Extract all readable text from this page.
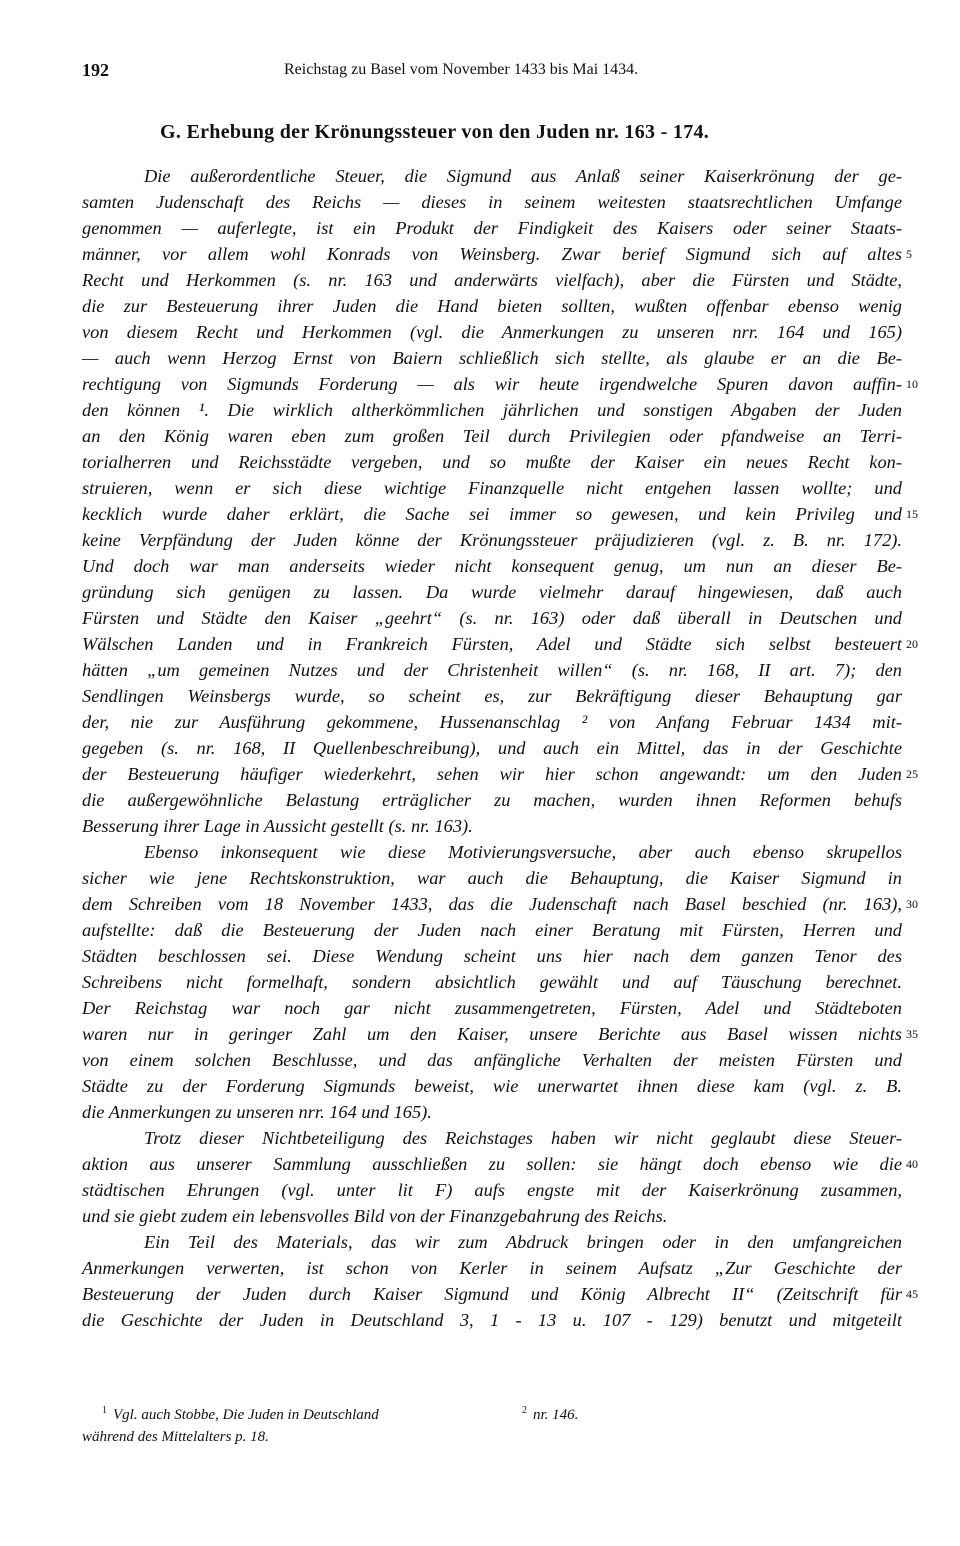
192	Reichstag zu Basel vom November 1433 bis Mai 1434.
G. Erhebung der Krönungssteuer von den Juden nr. 163 - 174.
Die außerordentliche Steuer, die Sigmund aus Anlaß seiner Kaiserkrönung der ge-
samten Judenschaft des Reichs — dieses in seinem weitesten staatsrechtlichen Umfange
genommen — auferlegte, ist ein Produkt der Findigkeit des Kaisers oder seiner Staats-
männer, vor allem wohl Konrads von Weinsberg. Zwar berief Sigmund sich auf altes
Recht und Herkommen (s. nr. 163 und anderwärts vielfach), aber die Fürsten und Städte,
die zur Besteuerung ihrer Juden die Hand bieten sollten, wußten offenbar ebenso wenig
von diesem Recht und Herkommen (vgl. die Anmerkungen zu unseren nrr. 164 und 165)
— auch wenn Herzog Ernst von Baiern schließlich sich stellte, als glaube er an die Be-
rechtigung von Sigmunds Forderung — als wir heute irgendwelche Spuren davon auffin-
den können ¹. Die wirklich altherkömmlichen jährlichen und sonstigen Abgaben der Juden
an den König waren eben zum großen Teil durch Privilegien oder pfandweise an Terri-
torialherren und Reichsstädte vergeben, und so mußte der Kaiser ein neues Recht kon-
struieren, wenn er sich diese wichtige Finanzquelle nicht entgehen lassen wollte; und
kecklich wurde daher erklärt, die Sache sei immer so gewesen, und kein Privileg und
keine Verpfändung der Juden könne der Krönungssteuer präjudizieren (vgl. z. B. nr. 172).
Und doch war man anderseits wieder nicht konsequent genug, um nun an dieser Be-
gründung sich genügen zu lassen. Da wurde vielmehr darauf hingewiesen, daß auch
Fürsten und Städte den Kaiser „geehrt“ (s. nr. 163) oder daß überall in Deutschen und
Wälschen Landen und in Frankreich Fürsten, Adel und Städte sich selbst besteuert
hätten „um gemeinen Nutzes und der Christenheit willen“ (s. nr. 168, II art. 7); den
Sendlingen Weinsbergs wurde, so scheint es, zur Bekräftigung dieser Behauptung gar
der, nie zur Ausführung gekommene, Hussenanschlag ² von Anfang Februar 1434 mit-
gegeben (s. nr. 168, II Quellenbeschreibung), und auch ein Mittel, das in der Geschichte
der Besteuerung häufiger wiederkehrt, sehen wir hier schon angewandt: um den Juden
die außergewöhnliche Belastung erträglicher zu machen, wurden ihnen Reformen behufs
Besserung ihrer Lage in Aussicht gestellt (s. nr. 163).
Ebenso inkonsequent wie diese Motivierungsversuche, aber auch ebenso skrupellos
sicher wie jene Rechtskonstruktion, war auch die Behauptung, die Kaiser Sigmund in
dem Schreiben vom 18 November 1433, das die Judenschaft nach Basel beschied (nr. 163),
aufstellte: daß die Besteuerung der Juden nach einer Beratung mit Fürsten, Herren und
Städten beschlossen sei. Diese Wendung scheint uns hier nach dem ganzen Tenor des
Schreibens nicht formelhaft, sondern absichtlich gewählt und auf Täuschung berechnet.
Der Reichstag war noch gar nicht zusammengetreten, Fürsten, Adel und Städteboten
waren nur in geringer Zahl um den Kaiser, unsere Berichte aus Basel wissen nichts
von einem solchen Beschlusse, und das anfängliche Verhalten der meisten Fürsten und
Städte zu der Forderung Sigmunds beweist, wie unerwartet ihnen diese kam (vgl. z. B.
die Anmerkungen zu unseren nrr. 164 und 165).
Trotz dieser Nichtbeteiligung des Reichstages haben wir nicht geglaubt diese Steuer-
aktion aus unserer Sammlung ausschließen zu sollen: sie hängt doch ebenso wie die
städtischen Ehrungen (vgl. unter lit F) aufs engste mit der Kaiserkrönung zusammen,
und sie giebt zudem ein lebensvolles Bild von der Finanzgebahrung des Reichs.
Ein Teil des Materials, das wir zum Abdruck bringen oder in den umfangreichen
Anmerkungen verwerten, ist schon von Kerler in seinem Aufsatz „Zur Geschichte der
Besteuerung der Juden durch Kaiser Sigmund und König Albrecht II“ (Zeitschrift für
die Geschichte der Juden in Deutschland 3, 1 - 13 u. 107 - 129) benutzt und mitgeteilt
5
10
15
20
25
30
35
40
45
$^1$ Vgl. auch Stobbe, Die Juden in Deutschland
während des Mittelalters p. 18.
$^2$ nr. 146.
